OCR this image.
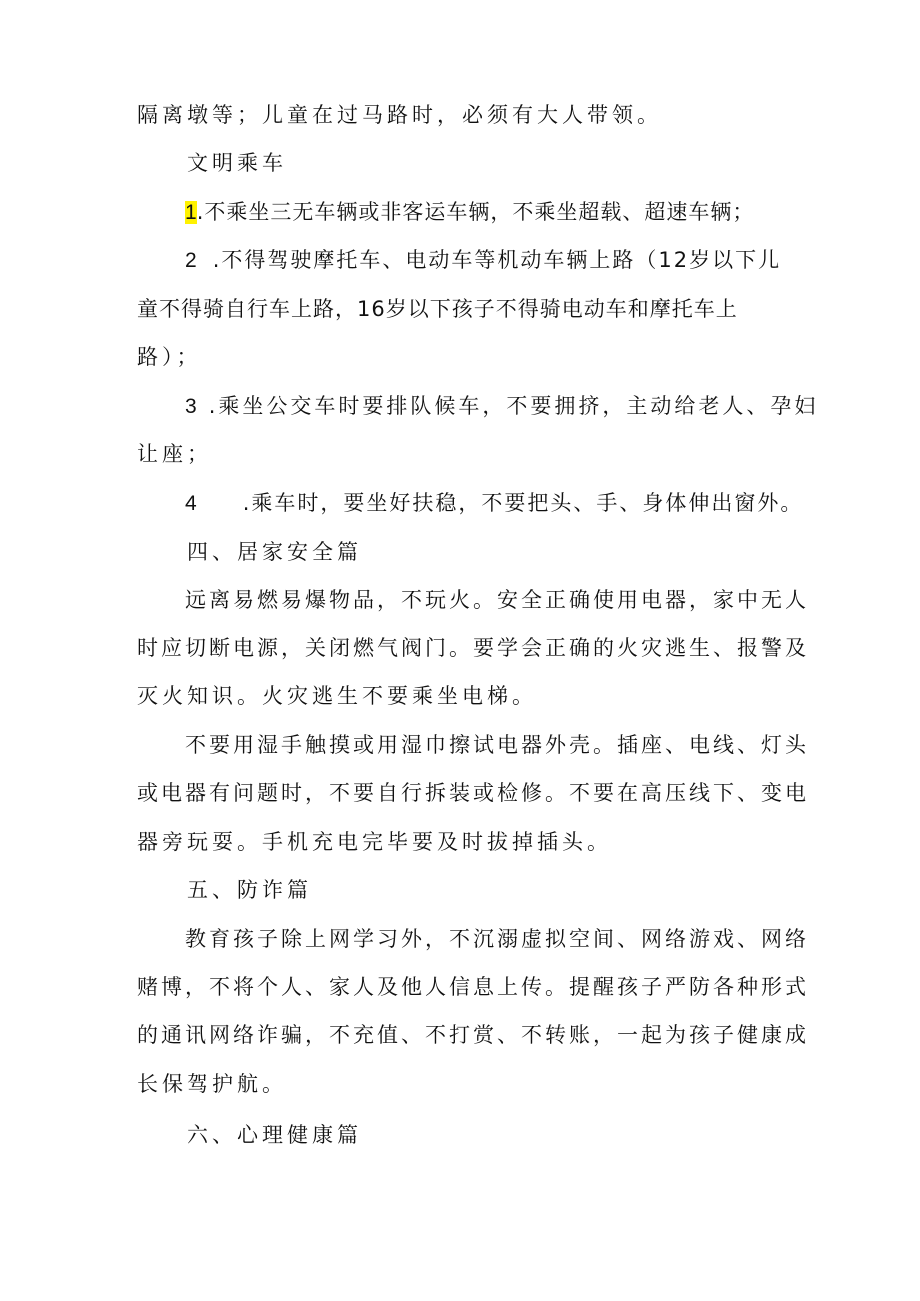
隔离墩等；儿童在过马路时，必须有大人带领。
文明乘车
1.不乘坐三无车辆或非客运车辆，不乘坐超载、超速车辆；
2 .不得驾驶摩托车、电动车等机动车辆上路（12岁以下儿
童不得骑自行车上路，16岁以下孩子不得骑电动车和摩托车上
路）；
3 .乘坐公交车时要排队候车，不要拥挤，主动给老人、孕妇
让座；
4 .乘车时，要坐好扶稳，不要把头、手、身体伸出窗外。
四、居家安全篇
远离易燃易爆物品，不玩火。安全正确使用电器，家中无人
时应切断电源，关闭燃气阀门。要学会正确的火灾逃生、报警及
灭火知识。火灾逃生不要乘坐电梯。
不要用湿手触摸或用湿巾擦试电器外壳。插座、电线、灯头
或电器有问题时，不要自行拆装或检修。不要在高压线下、变电
器旁玩耍。手机充电完毕要及时拔掉插头。
五、防诈篇
教育孩子除上网学习外，不沉溺虚拟空间、网络游戏、网络
赌博，不将个人、家人及他人信息上传。提醒孩子严防各种形式
的通讯网络诈骗，不充值、不打赏、不转账，一起为孩子健康成
长保驾护航。
六、心理健康篇
